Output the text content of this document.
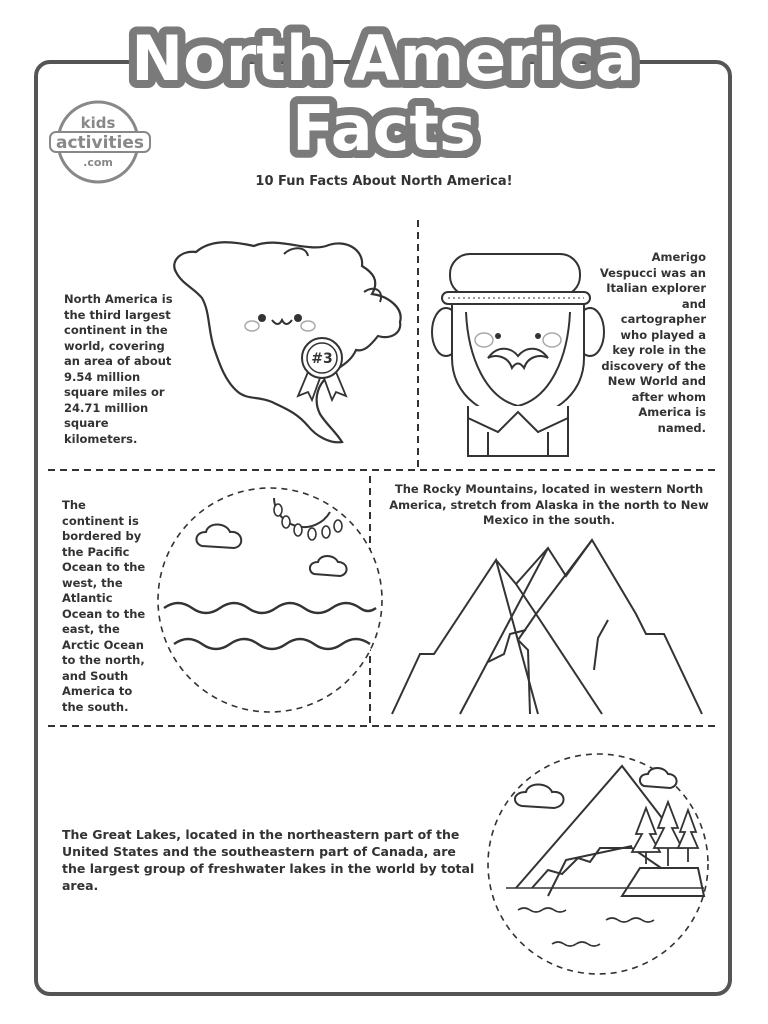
North America
Facts
kids
activities
.com
10 Fun Facts About North America!
North America is the third largest continent in the world, covering an area of about 9.54 million square miles or 24.71 million square kilometers.
#3
Amerigo Vespucci was an Italian explorer and cartographer who played a key role in the discovery of the New World and after whom America is named.
The continent is bordered by the Pacific Ocean to the west, the Atlantic Ocean to the east, the Arctic Ocean to the north, and South America to the south.
The Rocky Mountains, located in western North America, stretch from Alaska in the north to New Mexico in the south.
The Great Lakes, located in the northeastern part of the United States and the southeastern part of Canada, are the largest group of freshwater lakes in the world by total area.
